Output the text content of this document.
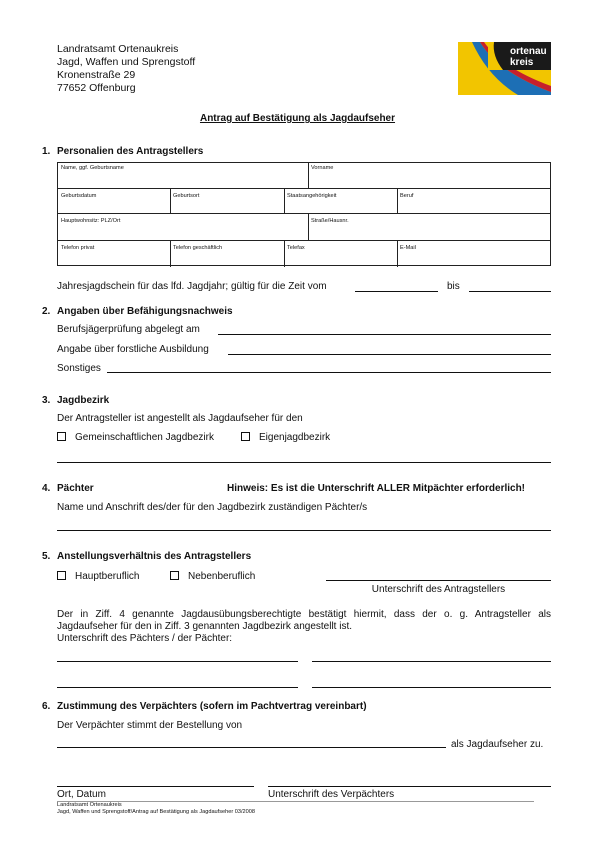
Landratsamt Ortenaukreis
Jagd, Waffen und Sprengstoff
Kronenstraße 29
77652 Offenburg
ortenau
kreis
Antrag auf Bestätigung als Jagdaufseher
1. Personalien des Antragstellers
Name, ggf. Geburtsname	Vorname
Geburtsdatum	Geburtsort	Staatsangehörigkeit	Beruf
Hauptwohnsitz: PLZ/Ort	Straße/Hausnr.
Telefon privat	Telefon geschäftlich	Telefax	E-Mail
Jahresjagdschein für das lfd. Jagdjahr; gültig für die Zeit vom	bis
2. Angaben über Befähigungsnachweis
Berufsjägerprüfung abgelegt am
Angabe über forstliche Ausbildung
Sonstiges
3. Jagdbezirk
Der Antragsteller ist angestellt als Jagdaufseher für den
Gemeinschaftlichen Jagdbezirk	Eigenjagdbezirk
4. Pächter	Hinweis: Es ist die Unterschrift ALLER Mitpächter erforderlich!
Name und Anschrift des/der für den Jagdbezirk zuständigen Pächter/s
5. Anstellungsverhältnis des Antragstellers
Hauptberuflich	Nebenberuflich
Unterschrift des Antragstellers
Der in Ziff. 4 genannte Jagdausübungsberechtigte bestätigt hiermit, dass der o. g. Antragsteller als
Jagdaufseher für den in Ziff. 3 genannten Jagdbezirk angestellt ist.
Unterschrift des Pächters / der Pächter:
6. Zustimmung des Verpächters (sofern im Pachtvertrag vereinbart)
Der Verpächter stimmt der Bestellung von
als Jagdaufseher zu.
Ort, Datum	Unterschrift des Verpächters
Landratsamt Ortenaukreis
Jagd, Waffen und Sprengstoff/Antrag auf Bestätigung als Jagdaufseher 03/2008
